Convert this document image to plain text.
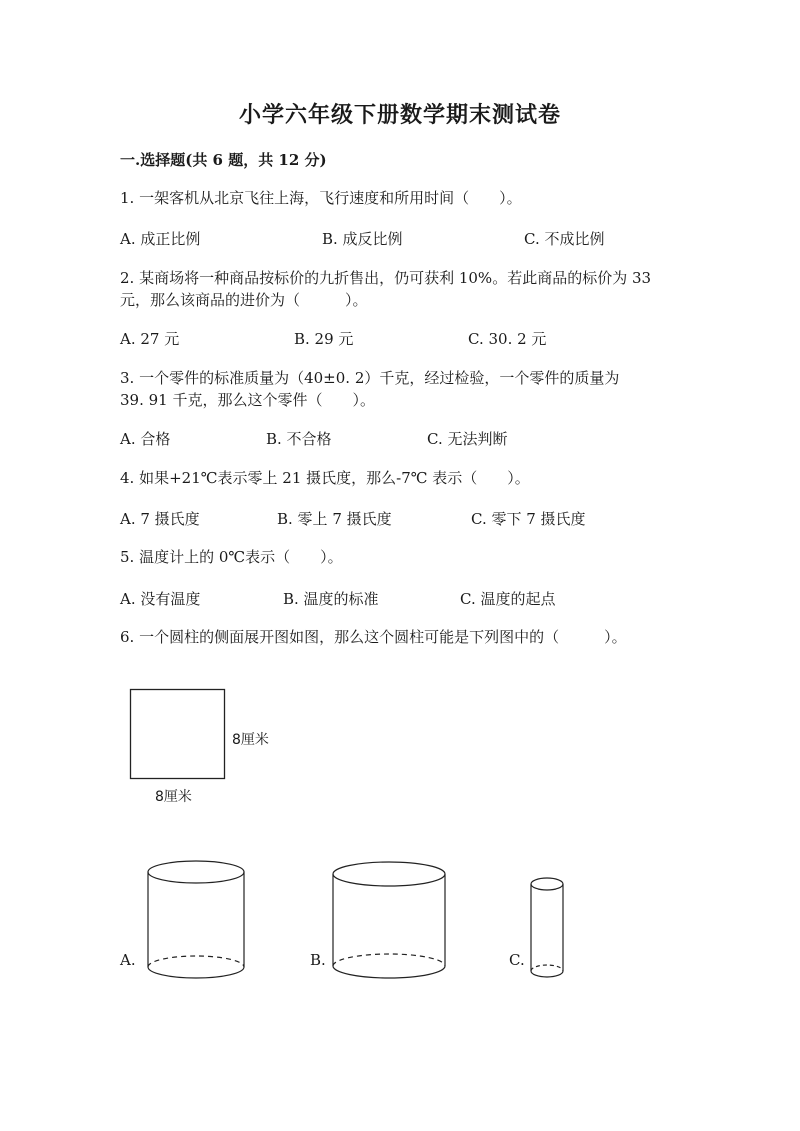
小学六年级下册数学期末测试卷
一.选择题(共 6 题，共 12 分)
1. 一架客机从北京飞往上海，飞行速度和所用时间（　　）。
A. 成正比例	B. 成反比例	C. 不成比例
2. 某商场将一种商品按标价的九折售出，仍可获利 10%。若此商品的标价为 33
元，那么该商品的进价为（　　　）。
A. 27 元	B. 29 元	C. 30. 2 元
3. 一个零件的标准质量为（40±0. 2）千克，经过检验，一个零件的质量为
39. 91 千克，那么这个零件（　　）。
A. 合格	B. 不合格	C. 无法判断
4. 如果+21℃表示零上 21 摄氏度，那么-7℃ 表示（　　）。
A. 7 摄氏度	B. 零上 7 摄氏度	C. 零下 7 摄氏度
5. 温度计上的 0℃表示（　　）。
A. 没有温度	B. 温度的标准	C. 温度的起点
6. 一个圆柱的侧面展开图如图，那么这个圆柱可能是下列图中的（　　　）。
8厘米
8厘米
A.	B.	C.
